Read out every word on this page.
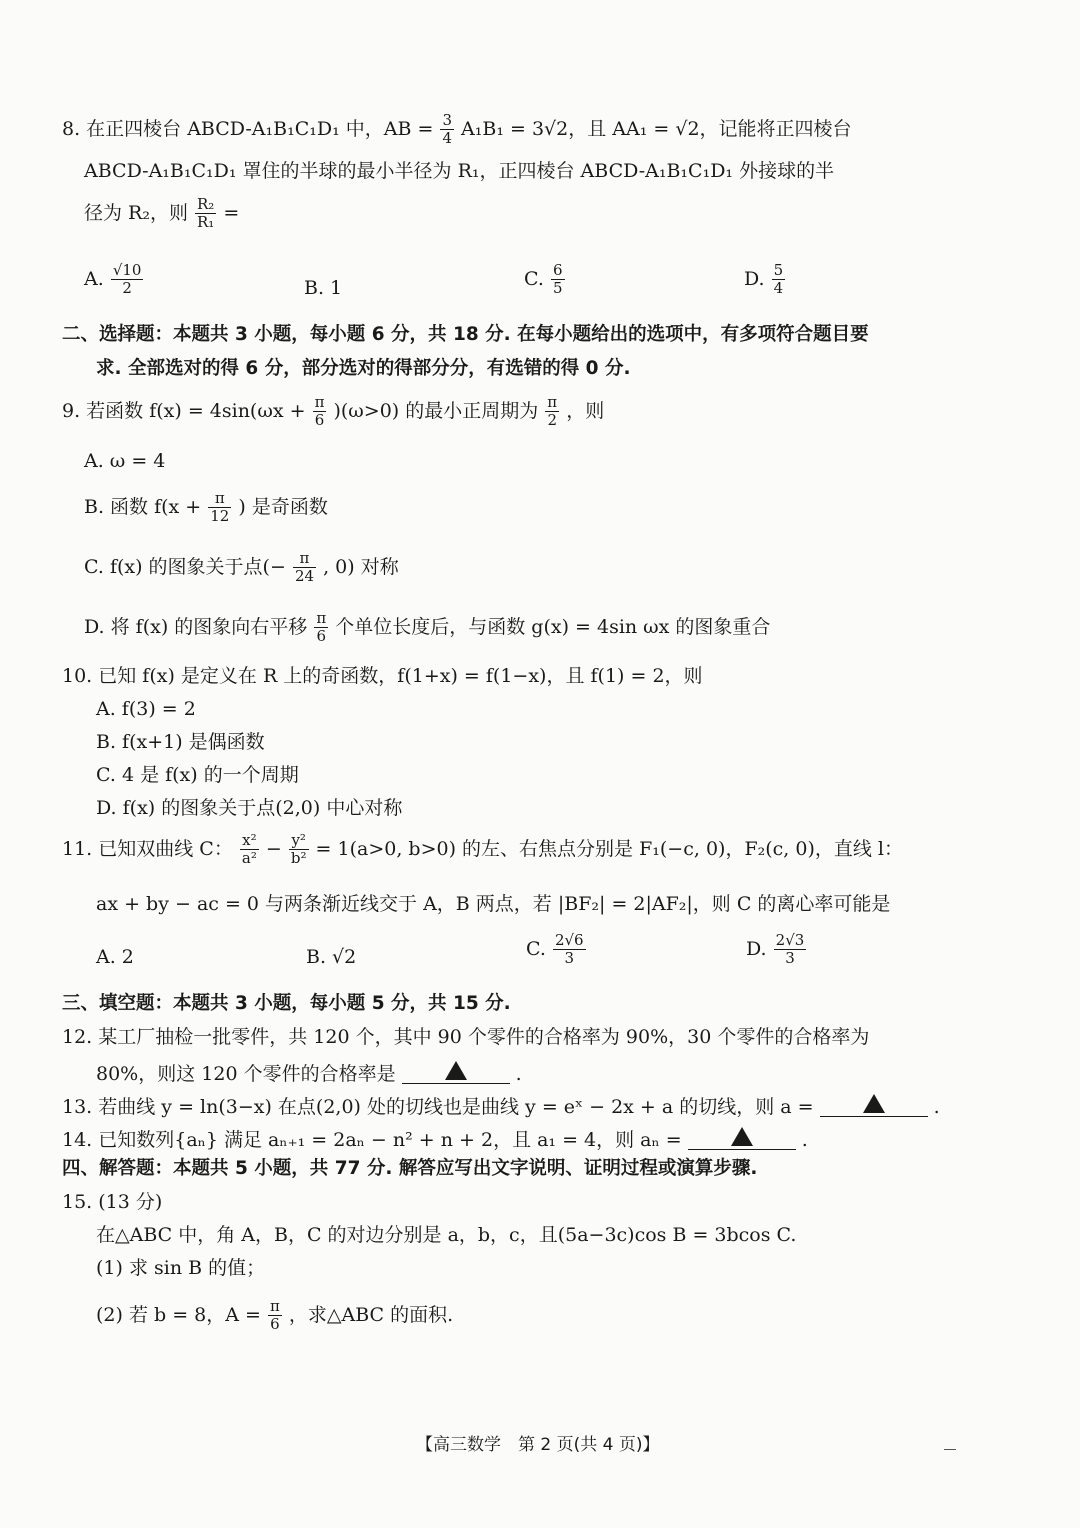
8. 在正四棱台 ABCD-A₁B₁C₁D₁ 中，AB = $\frac{3}{4} A_1B_1 = 3√2$，且 AA₁ = √2，记能将正四棱台
ABCD-A₁B₁C₁D₁ 罩住的半球的最小半径为 R₁，正四棱台 ABCD-A₁B₁C₁D₁ 外接球的半
径为 R₂，则 $\frac{\text{R₂}}{\text{R₁}}$ =
A. $\frac{√10}{2}$	B. 1	C. $\frac{6}{5}$	D. $\frac{5}{4}$
二、选择题：本题共 3 小题，每小题 6 分，共 18 分. 在每小题给出的选项中，有多项符合题目要
求. 全部选对的得 6 分，部分选对的得部分分，有选错的得 0 分.
9. 若函数 $f(x) = 4\sin(\omega x + \frac{\pi}{6} )(\omega>0)$ 的最小正周期为 $\frac{\pi}{2}$ ，则
A. ω = 4
B. 函数 $f(x + \frac{\pi}{12}$ ) 是奇函数
C. f(x) 的图象关于点(− $\frac{\pi}{24}$ , 0) 对称
D. 将 f(x) 的图象向右平移 $\frac{\pi}{6}$ 个单位长度后，与函数 g(x) = 4sin ωx 的图象重合
10. 已知 f(x) 是定义在 R 上的奇函数，f(1+x) = f(1−x)，且 f(1) = 2，则
A. f(3) = 2
B. f(x+1) 是偶函数
C. 4 是 f(x) 的一个周期
D. f(x) 的图象关于点(2,0) 中心对称
11. 已知双曲线 C： $\frac{\text{x²}}{\text{a²}} - \frac{\text{y²}}{\text{b²}} = 1(a>0$, b>0) 的左、右焦点分别是 F₁(−c, 0)，F₂(c, 0)，直线 l：
ax + by − ac = 0 与两条渐近线交于 A，B 两点，若 |BF₂| = 2|AF₂|，则 C 的离心率可能是
A. 2	B. √2	C. $\frac{2√6}{3}$	D. $\frac{2√3}{3}$
三、填空题：本题共 3 小题，每小题 5 分，共 15 分.
12. 某工厂抽检一批零件，共 120 个，其中 90 个零件的合格率为 90%，30 个零件的合格率为
80%，则这 120 个零件的合格率是	.
13. 若曲线 y = ln(3−x) 在点(2,0) 处的切线也是曲线 y = eˣ − 2x + a 的切线，则 a =	.
14. 已知数列{aₙ} 满足 aₙ₊₁ = 2aₙ − n² + n + 2，且 a₁ = 4，则 aₙ =	.
四、解答题：本题共 5 小题，共 77 分. 解答应写出文字说明、证明过程或演算步骤.
15. (13 分)
在△ABC 中，角 A，B，C 的对边分别是 a，b，c，且(5a−3c)cos B = 3bcos C.
(1) 求 sin B 的值；
(2) 若 b = 8，$A = \frac{\pi}{6}$ ，求△ABC 的面积.
【高三数学　第 2 页(共 4 页)】
